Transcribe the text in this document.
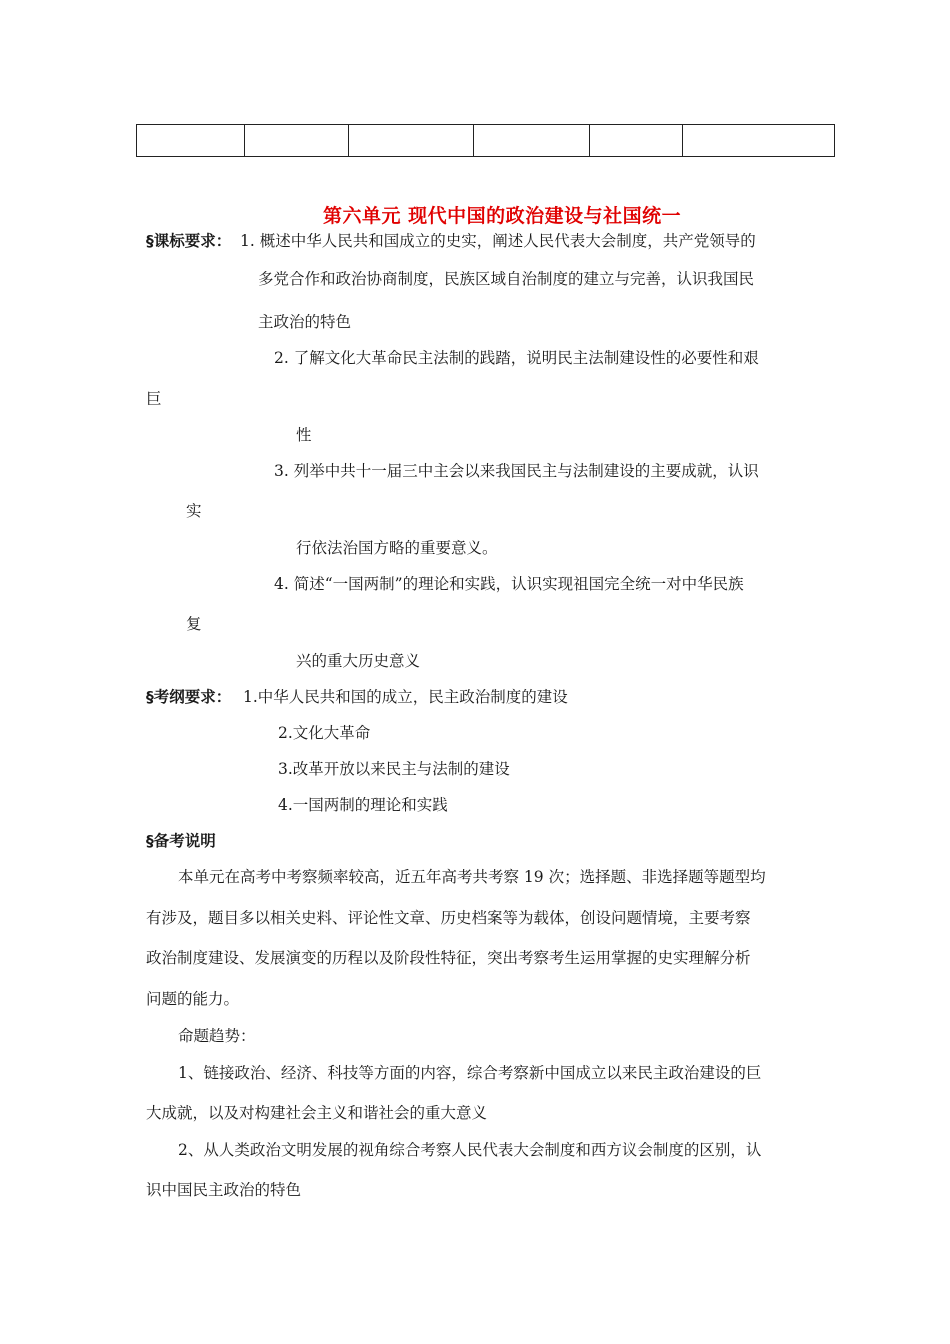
第六单元 现代中国的政治建设与社国统一
§课标要求： 1. 概述中华人民共和国成立的史实，阐述人民代表大会制度，共产党领导的
多党合作和政治协商制度，民族区域自治制度的建立与完善，认识我国民
主政治的特色
2. 了解文化大革命民主法制的践踏，说明民主法制建设性的必要性和艰
巨
性
3. 列举中共十一届三中主会以来我国民主与法制建设的主要成就，认识
实
行依法治国方略的重要意义。
4. 简述“一国两制”的理论和实践，认识实现祖国完全统一对中华民族
复
兴的重大历史意义
§考纲要求： 1.中华人民共和国的成立，民主政治制度的建设
2.文化大革命
3.改革开放以来民主与法制的建设
4.一国两制的理论和实践
§备考说明
本单元在高考中考察频率较高，近五年高考共考察 19 次；选择题、非选择题等题型均
有涉及，题目多以相关史料、评论性文章、历史档案等为载体，创设问题情境，主要考察
政治制度建设、发展演变的历程以及阶段性特征，突出考察考生运用掌握的史实理解分析
问题的能力。
命题趋势：
1、链接政治、经济、科技等方面的内容，综合考察新中国成立以来民主政治建设的巨
大成就，以及对构建社会主义和谐社会的重大意义
2、从人类政治文明发展的视角综合考察人民代表大会制度和西方议会制度的区别，认
识中国民主政治的特色
